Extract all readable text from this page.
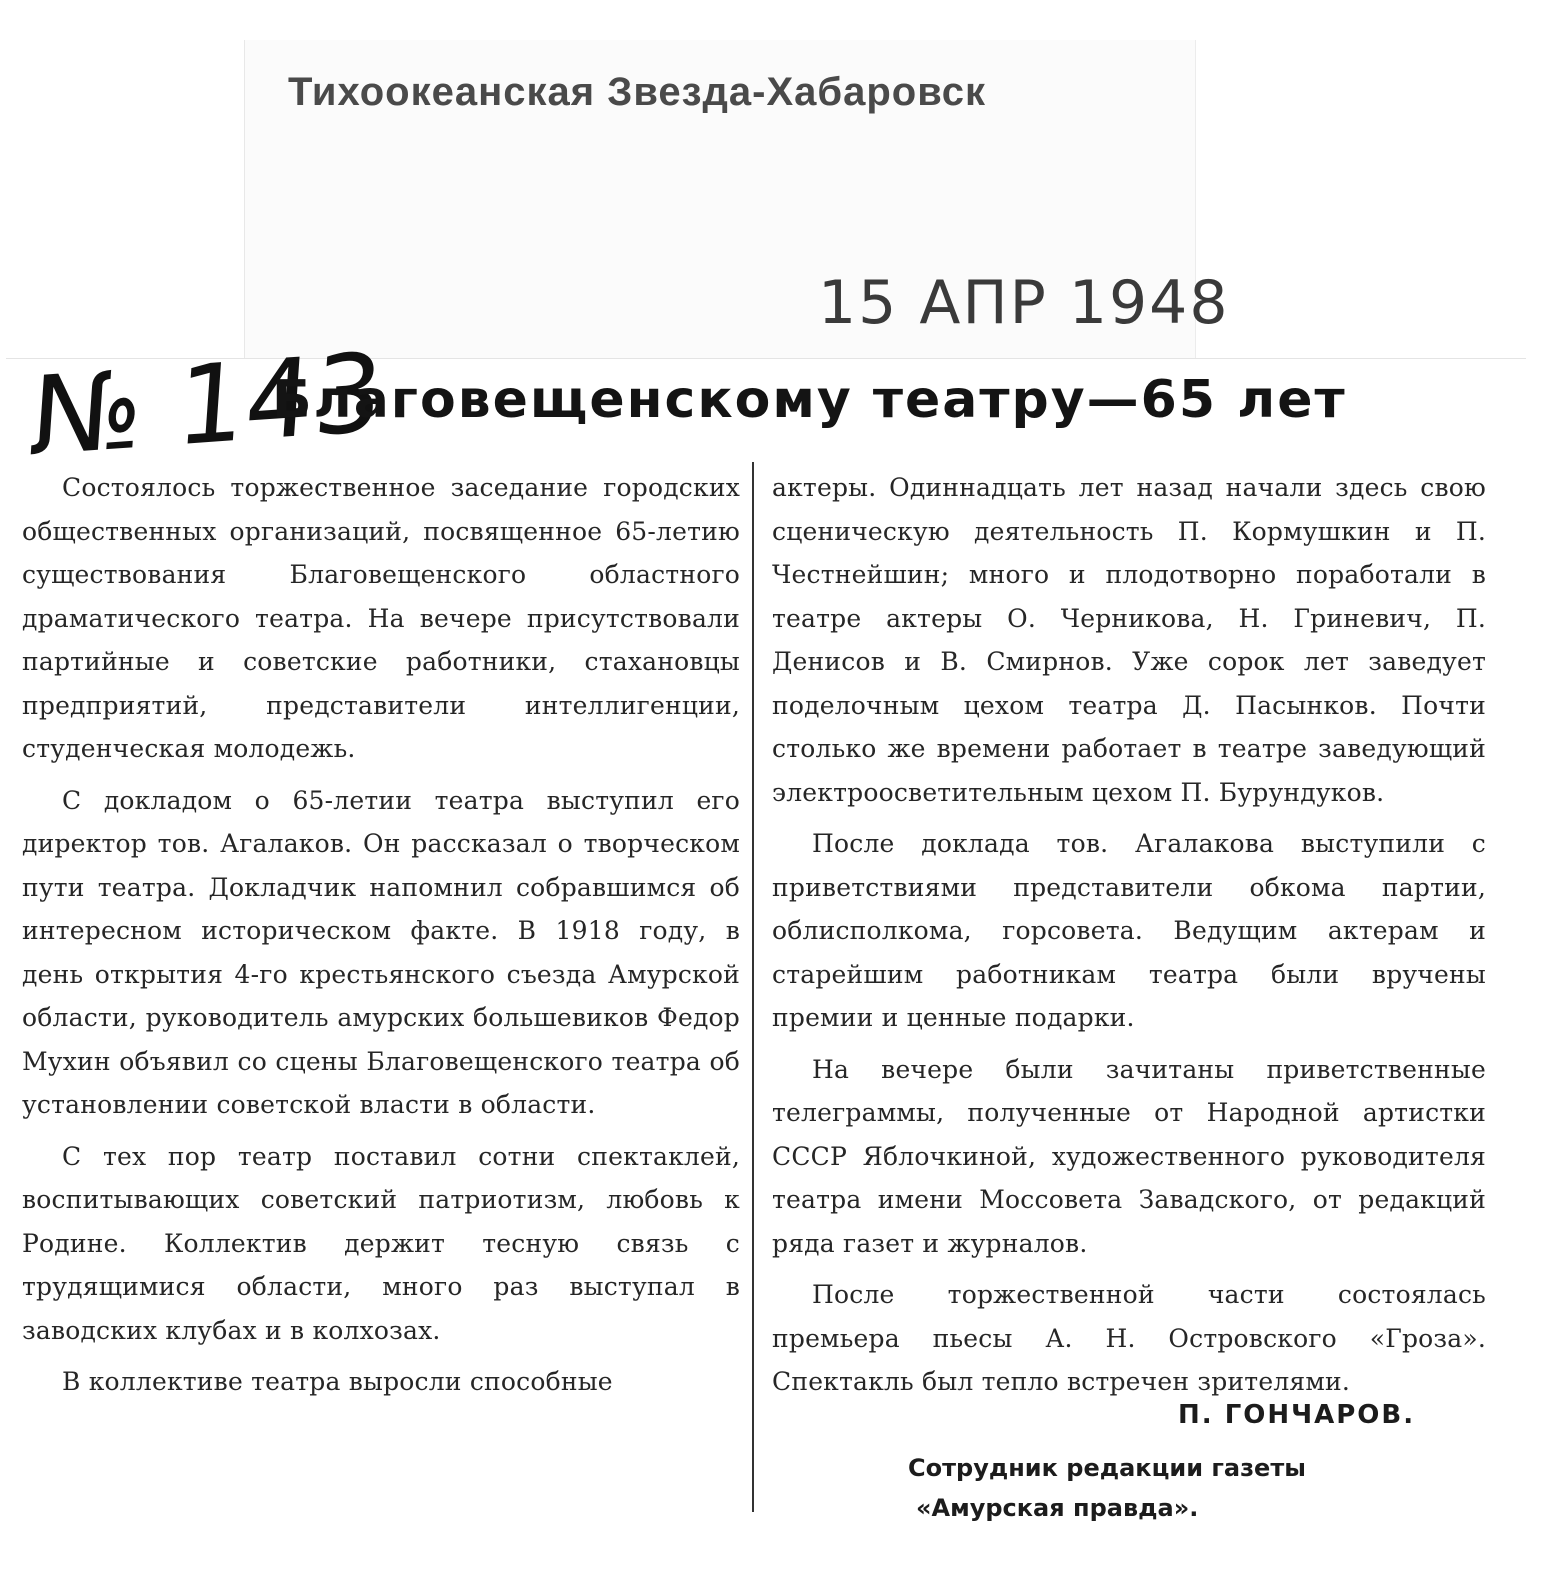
Тихоокеанская Звезда-Хабаровск
15 АПР 1948
№ 143
Благовещенскому театру—65 лет

Состоялось торжественное заседание городских общественных организаций, посвященное 65-летию существования Благовещенского областного драматического театра. На вечере присутствовали партийные и советские работники, стахановцы предприятий, представители интеллигенции, студенческая молодежь.

С докладом о 65-летии театра выступил его директор тов. Агалаков. Он рассказал о творческом пути театра. Докладчик напомнил собравшимся об интересном историческом факте. В 1918 году, в день открытия 4-го крестьянского съезда Амурской области, руководитель амурских большевиков Федор Мухин объявил со сцены Благовещенского театра об установлении советской власти в области.

С тех пор театр поставил сотни спектаклей, воспитывающих советский патриотизм, любовь к Родине. Коллектив держит тесную связь с трудящимися области, много раз выступал в заводских клубах и в колхозах.

В коллективе театра выросли способные

актеры. Одиннадцать лет назад начали здесь свою сценическую деятельность П. Кормушкин и П. Честнейшин; много и плодотворно поработали в театре актеры О. Черникова, Н. Гриневич, П. Денисов и В. Смирнов. Уже сорок лет заведует поделочным цехом театра Д. Пасынков. Почти столько же времени работает в театре заведующий электроосветительным цехом П. Бурундуков.

После доклада тов. Агалакова выступили с приветствиями представители обкома партии, облисполкома, горсовета. Ведущим актерам и старейшим работникам театра были вручены премии и ценные подарки.

На вечере были зачитаны приветственные телеграммы, полученные от Народной артистки СССР Яблочкиной, художественного руководителя театра имени Моссовета Завадского, от редакций ряда газет и журналов.

После торжественной части состоялась премьера пьесы А. Н. Островского «Гроза». Спектакль был тепло встречен зрителями.

П. ГОНЧАРОВ.
Сотрудник редакции газеты
«Амурская правда».
